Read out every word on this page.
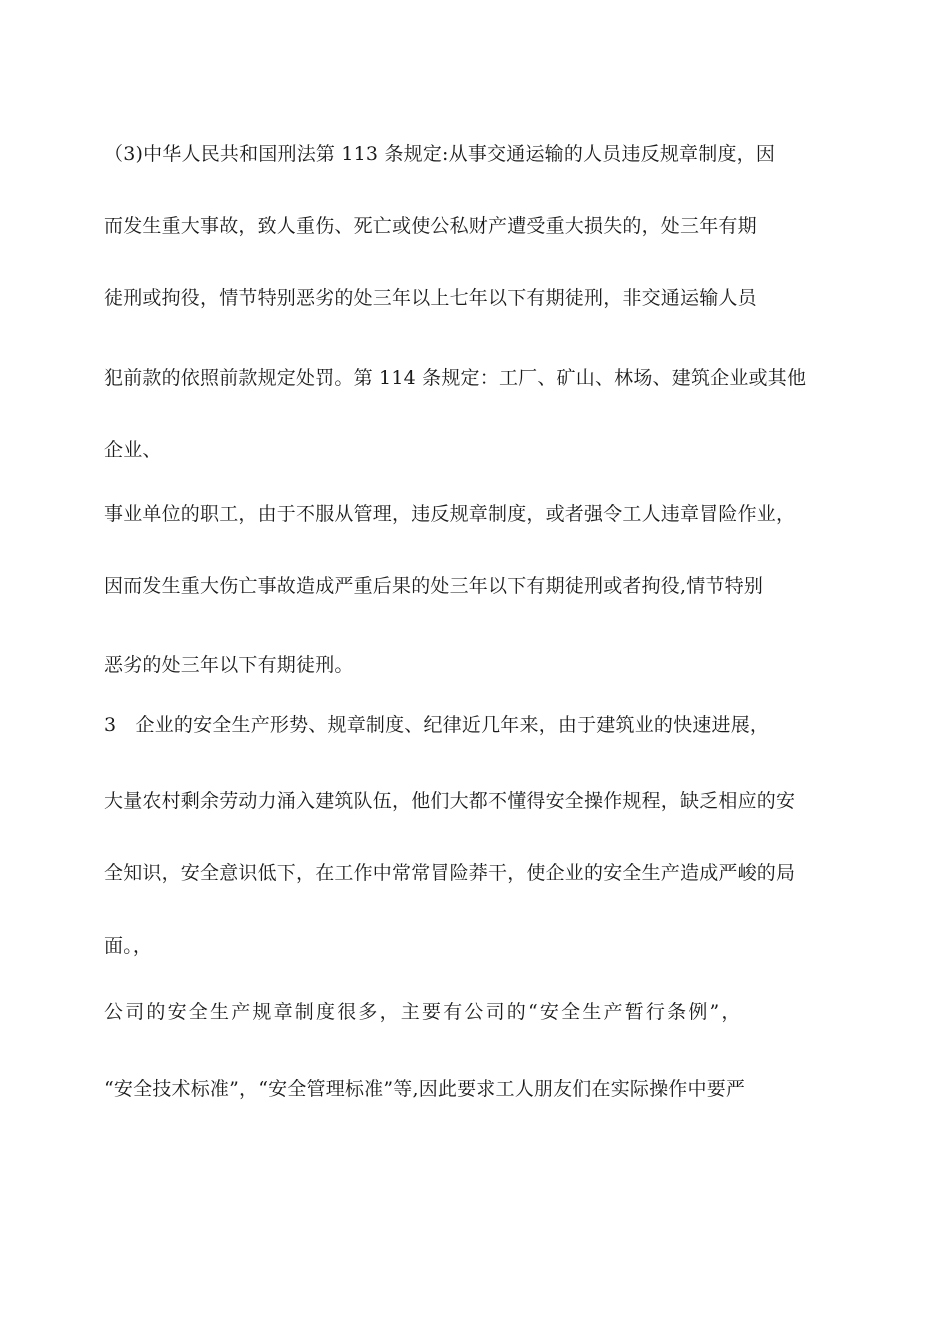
（3)中华人民共和国刑法第 113 条规定:从事交通运输的人员违反规章制度，因
而发生重大事故，致人重伤、死亡或使公私财产遭受重大损失的，处三年有期
徒刑或拘役，情节特别恶劣的处三年以上七年以下有期徒刑，非交通运输人员
犯前款的依照前款规定处罚。第 114 条规定：工厂、矿山、林场、建筑企业或其他
企业、
事业单位的职工，由于不服从管理，违反规章制度，或者强令工人违章冒险作业，
因而发生重大伤亡事故造成严重后果的处三年以下有期徒刑或者拘役,情节特别
恶劣的处三年以下有期徒刑。
3　企业的安全生产形势、规章制度、纪律近几年来，由于建筑业的快速进展，
大量农村剩余劳动力涌入建筑队伍，他们大都不懂得安全操作规程，缺乏相应的安
全知识，安全意识低下，在工作中常常冒险莽干，使企业的安全生产造成严峻的局
面。，
公司的安全生产规章制度很多，主要有公司的“安全生产暂行条例”，
“安全技术标准”，“安全管理标准”等,因此要求工人朋友们在实际操作中要严
